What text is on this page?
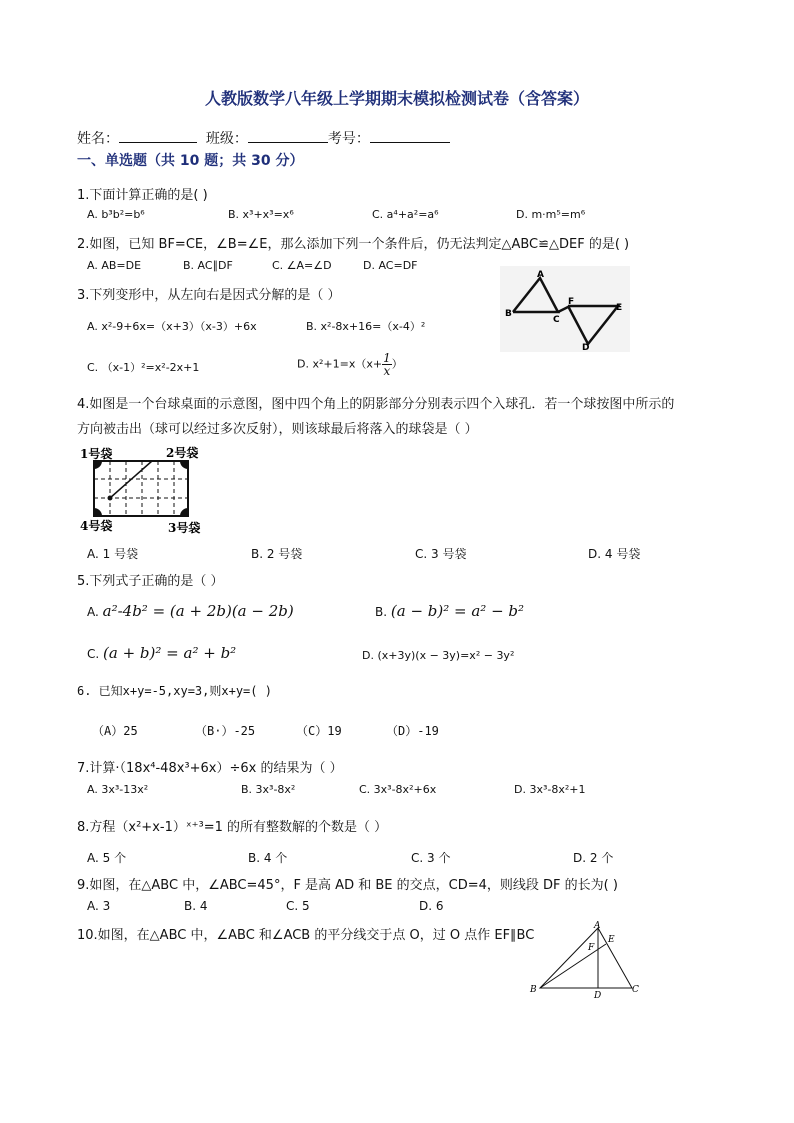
人教版数学八年级上学期期末模拟检测试卷（含答案）
姓名：	班级：	考号：
一、单选题（共 10 题；共 30 分）
1.下面计算正确的是( )
A. b³b²=b⁶	B. x³+x³=x⁶	C. a⁴+a²=a⁶	D. m·m⁵=m⁶
2.如图，已知 BF=CE，∠B=∠E，那么添加下列一个条件后，仍无法判定△ABC≌△DEF 的是( )
A. AB=DE	B. AC∥DF	C. ∠A=∠D	D. AC=DF
A
B
C
F
E
D
3.下列变形中，从左向右是因式分解的是（ ）
A. x²-9+6x=（x+3）（x-3）+6x	B. x²-8x+16=（x-4）²
C. （x-1）²=x²-2x+1	D. $x^2+1=x(x+ \frac{1}{x}$ ）
4.如图是一个台球桌面的示意图，图中四个角上的阴影部分分别表示四个入球孔．若一个球按图中所示的
方向被击出（球可以经过多次反射），则该球最后将落入的球袋是（ ）
1号袋	2号袋
4号袋	3号袋
A. 1 号袋	B. 2 号袋	C. 3 号袋	D. 4 号袋
5.下列式子正确的是（ ）
A. a²-4b² = (a + 2b)(a − 2b)	B. (a − b)² = a² − b²
C. (a + b)² = a² + b²	D. (x+3y)(x − 3y)=x² − 3y²
6. 已知x+y=-5,xy=3,则x+y=( )
（A）25	（B·）-25	（C）19	（D）-19
7.计算·（18x⁴-48x³+6x）÷6x 的结果为（ ）
A. 3x³-13x²	B. 3x³-8x²	C. 3x³-8x²+6x	D. 3x³-8x²+1
8.方程（x²+x-1）ˣ⁺³=1 的所有整数解的个数是（ ）
A. 5 个	B. 4 个	C. 3 个	D. 2 个
9.如图，在△ABC 中，∠ABC=45°，F 是高 AD 和 BE 的交点，CD=4，则线段 DF 的长为( )
A. 3	B. 4	C. 5	D. 6
10.如图，在△ABC 中，∠ABC 和∠ACB 的平分线交于点 O，过 O 点作 EF∥BC
A
F
E
B
D
C
